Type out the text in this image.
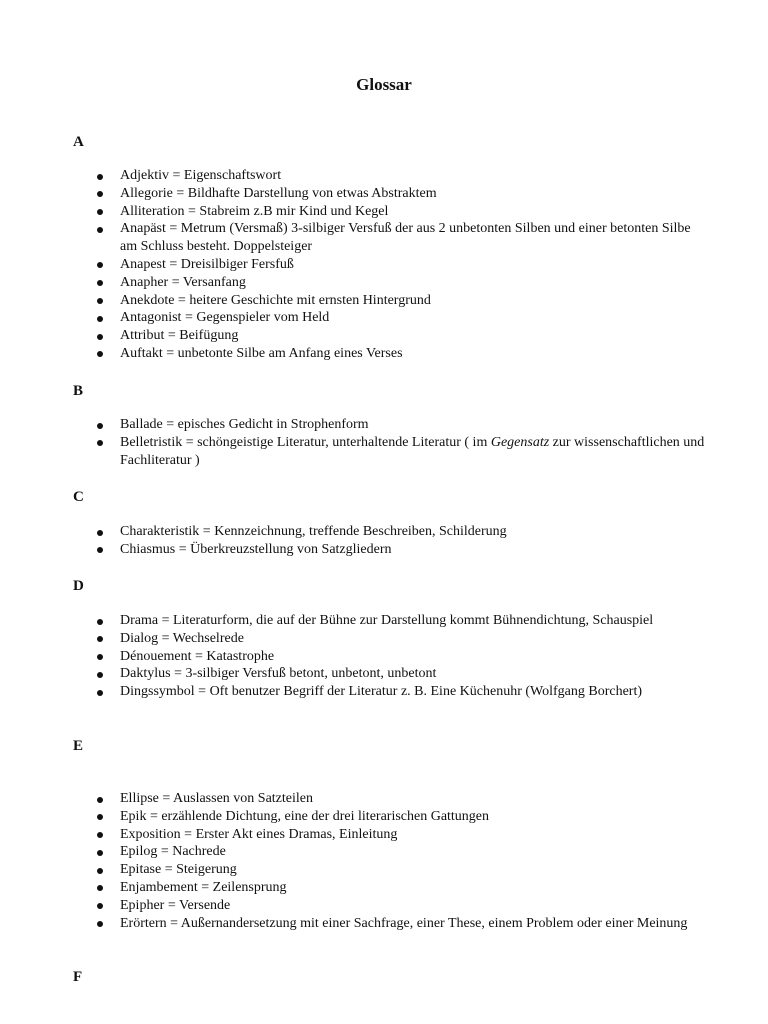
Glossar
A
Adjektiv = Eigenschaftswort
Allegorie = Bildhafte Darstellung von etwas Abstraktem
Alliteration = Stabreim z.B mir Kind und Kegel
Anapäst = Metrum (Versmaß) 3-silbiger Versfuß der aus 2 unbetonten Silben und einer betonten Silbe am Schluss besteht. Doppelsteiger
Anapest = Dreisilbiger Fersfuß
Anapher = Versanfang
Anekdote = heitere Geschichte mit ernsten Hintergrund
Antagonist = Gegenspieler vom Held
Attribut = Beifügung
Auftakt = unbetonte Silbe am Anfang eines Verses
B
Ballade = episches Gedicht in Strophenform
Belletristik = schöngeistige Literatur, unterhaltende Literatur ( im Gegensatz zur wissenschaftlichen und Fachliteratur )
C
Charakteristik = Kennzeichnung, treffende Beschreiben, Schilderung
Chiasmus = Überkreuzstellung von Satzgliedern
D
Drama = Literaturform, die auf der Bühne zur Darstellung kommt Bühnendichtung, Schauspiel
Dialog = Wechselrede
Dénouement = Katastrophe
Daktylus = 3-silbiger Versfuß betont, unbetont, unbetont
Dingssymbol = Oft benutzer Begriff der Literatur z. B. Eine Küchenuhr (Wolfgang Borchert)
E
Ellipse = Auslassen von Satzteilen
Epik = erzählende Dichtung, eine der drei literarischen Gattungen
Exposition = Erster Akt eines Dramas, Einleitung
Epilog = Nachrede
Epitase = Steigerung
Enjambement = Zeilensprung
Epipher = Versende
Erörtern = Außernandersetzung mit einer Sachfrage, einer These, einem Problem oder einer Meinung
F
